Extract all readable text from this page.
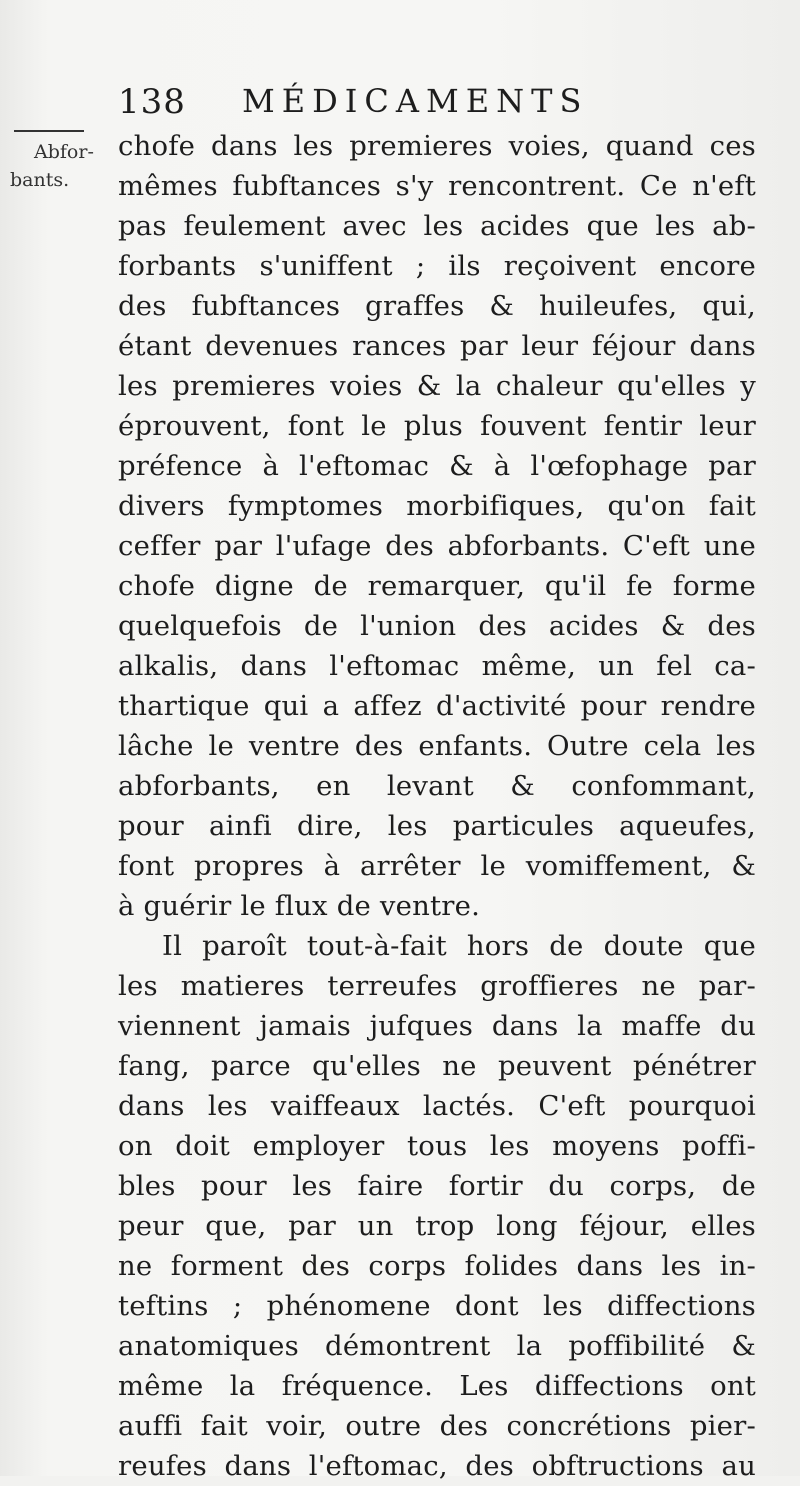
138 MÉDICAMENTS
Abfor-
bants.
chofe dans les premieres voies, quand ces
mêmes fubftances s'y rencontrent. Ce n'eft
pas feulement avec les acides que les ab-
forbants s'uniffent ; ils reçoivent encore
des fubftances graffes & huileufes, qui,
étant devenues rances par leur féjour dans
les premieres voies & la chaleur qu'elles y
éprouvent, font le plus fouvent fentir leur
préfence à l'eftomac & à l'œfophage par
divers fymptomes morbifiques, qu'on fait
ceffer par l'ufage des abforbants. C'eft une
chofe digne de remarquer, qu'il fe forme
quelquefois de l'union des acides & des
alkalis, dans l'eftomac même, un fel ca-
thartique qui a affez d'activité pour rendre
lâche le ventre des enfants. Outre cela les
abforbants, en levant & confommant,
pour ainfi dire, les particules aqueufes,
font propres à arrêter le vomiffement, &
à guérir le flux de ventre.
Il paroît tout-à-fait hors de doute que
les matieres terreufes groffieres ne par-
viennent jamais jufques dans la maffe du
fang, parce qu'elles ne peuvent pénétrer
dans les vaiffeaux lactés. C'eft pourquoi
on doit employer tous les moyens poffi-
bles pour les faire fortir du corps, de
peur que, par un trop long féjour, elles
ne forment des corps folides dans les in-
teftins ; phénomene dont les diffections
anatomiques démontrent la poffibilité &
même la fréquence. Les diffections ont
auffi fait voir, outre des concrétions pier-
reufes dans l'eftomac, des obftructions au
